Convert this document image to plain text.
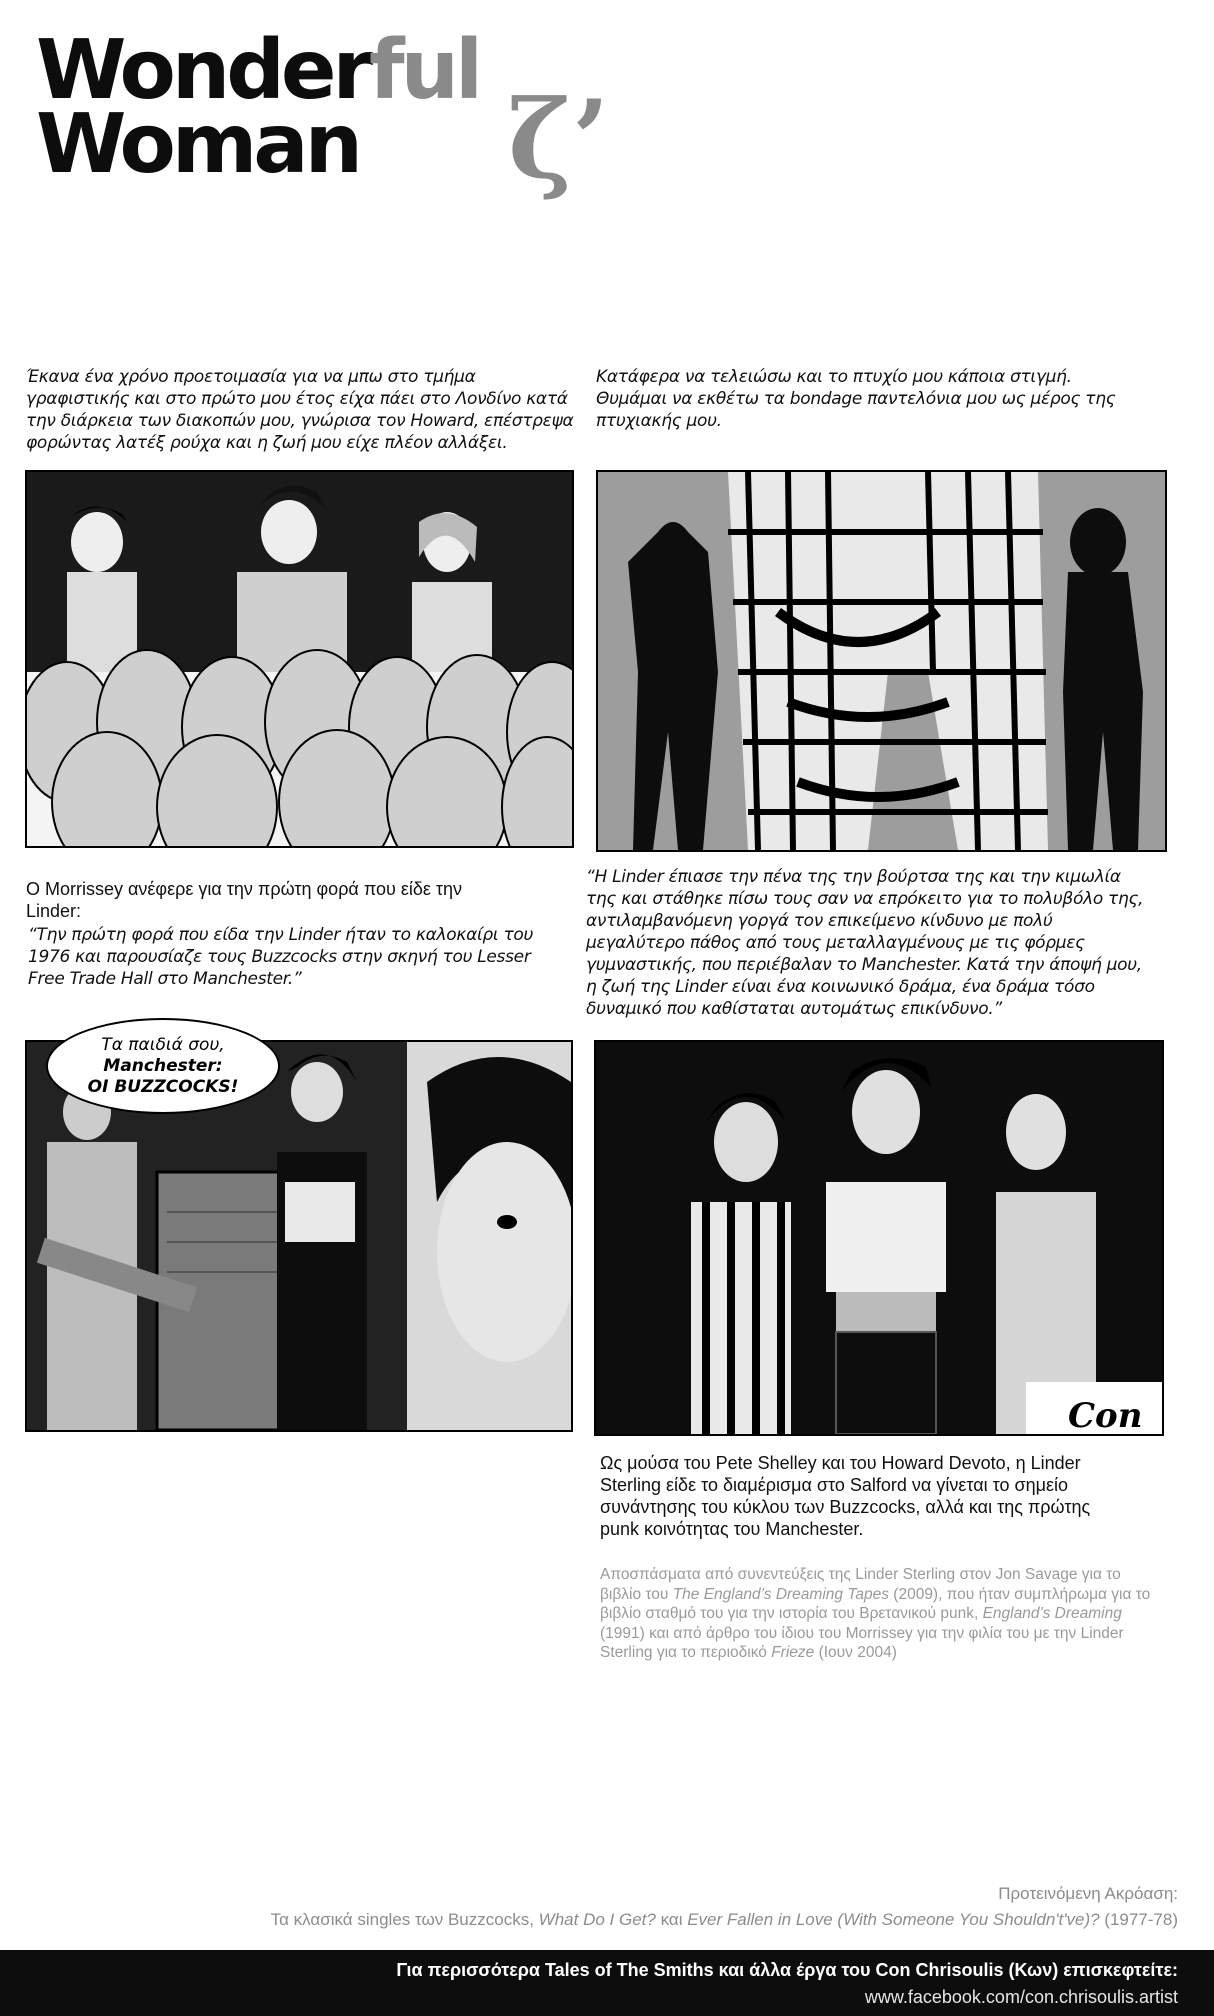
Wonderful
Woman	ζ’
Έκανα ένα χρόνο προετοιμασία για να μπω στο τμήμα γραφιστικής και στο πρώτο μου έτος είχα πάει στο Λονδίνο κατά την διάρκεια των διακοπών μου, γνώρισα τον Howard, επέστρεψα φορώντας λατέξ ρούχα και η ζωή μου είχε πλέον αλλάξει.
Κατάφερα να τελειώσω και το πτυχίο μου κάποια στιγμή. Θυμάμαι να εκθέτω τα bondage παντελόνια μου ως μέρος της πτυχιακής μου.
Ο Morrissey ανέφερε για την πρώτη φορά που είδε την Linder:
“Την πρώτη φορά που είδα την Linder ήταν το καλοκαίρι του 1976 και παρουσίαζε τους Buzzcocks στην σκηνή του Lesser Free Trade Hall στο Manchester.”
“Η Linder έπιασε την πένα της την βούρτσα της και την κιμωλία της και στάθηκε πίσω τους σαν να επρόκειτο για το πολυβόλο της, αντιλαμβανόμενη γοργά τον επικείμενο κίνδυνο με πολύ μεγαλύτερο πάθος από τους μεταλλαγμένους με τις φόρμες γυμναστικής, που περιέβαλαν το Manchester. Κατά την άποψή μου, η ζωή της Linder είναι ένα κοινωνικό δράμα, ένα δράμα τόσο δυναμικό που καθίσταται αυτομάτως επικίνδυνο.”
Τα παιδιά σου,
Manchester:
ΟΙ BUZZCOCKS!
Con
Ως μούσα του Pete Shelley και του Howard Devoto, η Linder Sterling είδε το διαμέρισμα στο Salford να γίνεται το σημείο συνάντησης του κύκλου των Buzzcocks, αλλά και της πρώτης punk κοινότητας του Manchester.
Αποσπάσματα από συνεντεύξεις της Linder Sterling στον Jon Savage για το βιβλίο του The England’s Dreaming Tapes (2009), που ήταν συμπλήρωμα για το βιβλίο σταθμό του για την ιστορία του Βρετανικού punk, England’s Dreaming (1991) και από άρθρο του ίδιου του Morrissey για την φιλία του με την Linder Sterling για το περιοδικό Frieze (Ιουν 2004)
Προτεινόμενη Ακρόαση:
Τα κλασικά singles των Buzzcocks, What Do I Get? και Ever Fallen in Love (With Someone You Shouldn't've)? (1977-78)
Για περισσότερα Tales of The Smiths και άλλα έργα του Con Chrisoulis (Κων) επισκεφτείτε:
www.facebook.com/con.chrisoulis.artist
